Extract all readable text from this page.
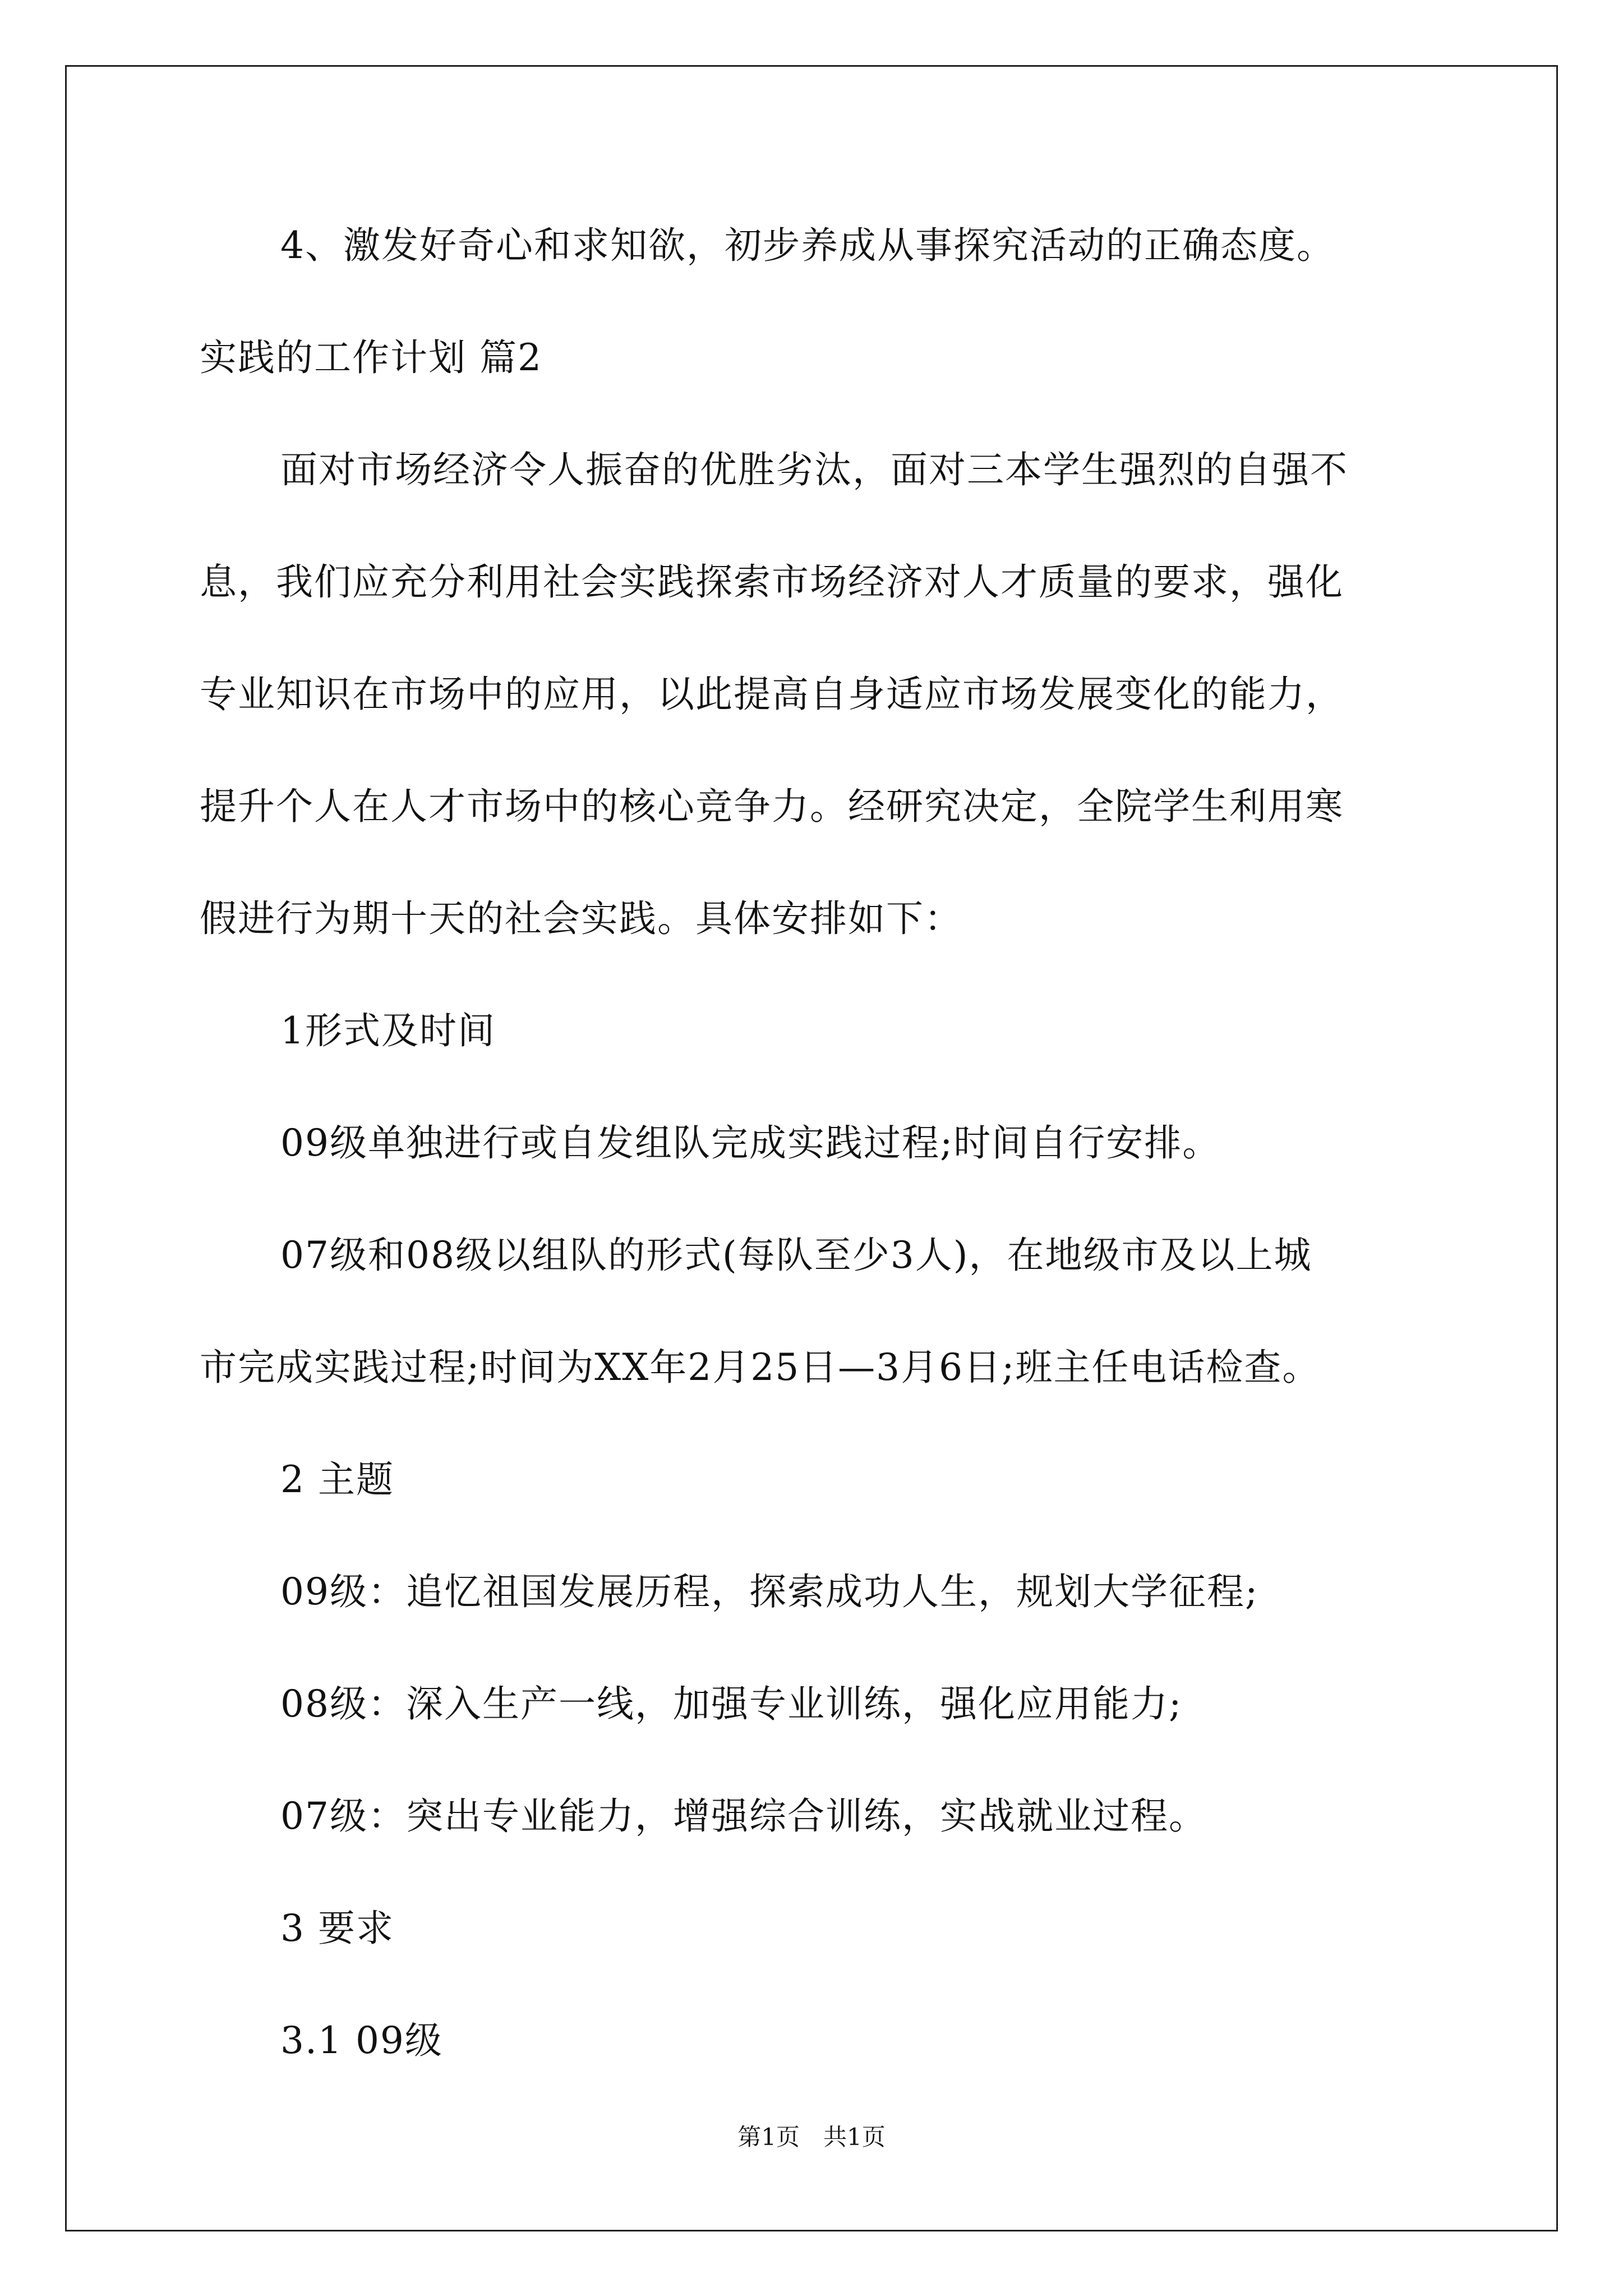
4、激发好奇心和求知欲，初步养成从事探究活动的正确态度。
实践的工作计划 篇2
面对市场经济令人振奋的优胜劣汰，面对三本学生强烈的自强不
息，我们应充分利用社会实践探索市场经济对人才质量的要求，强化
专业知识在市场中的应用，以此提高自身适应市场发展变化的能力，
提升个人在人才市场中的核心竞争力。经研究决定，全院学生利用寒
假进行为期十天的社会实践。具体安排如下：
1形式及时间
09级单独进行或自发组队完成实践过程;时间自行安排。
07级和08级以组队的形式(每队至少3人)，在地级市及以上城
市完成实践过程;时间为XX年2月25日—3月6日;班主任电话检查。
2 主题
09级：追忆祖国发展历程，探索成功人生，规划大学征程;
08级：深入生产一线，加强专业训练，强化应用能力;
07级：突出专业能力，增强综合训练，实战就业过程。
3 要求
3.1 09级
第1页　共1页
